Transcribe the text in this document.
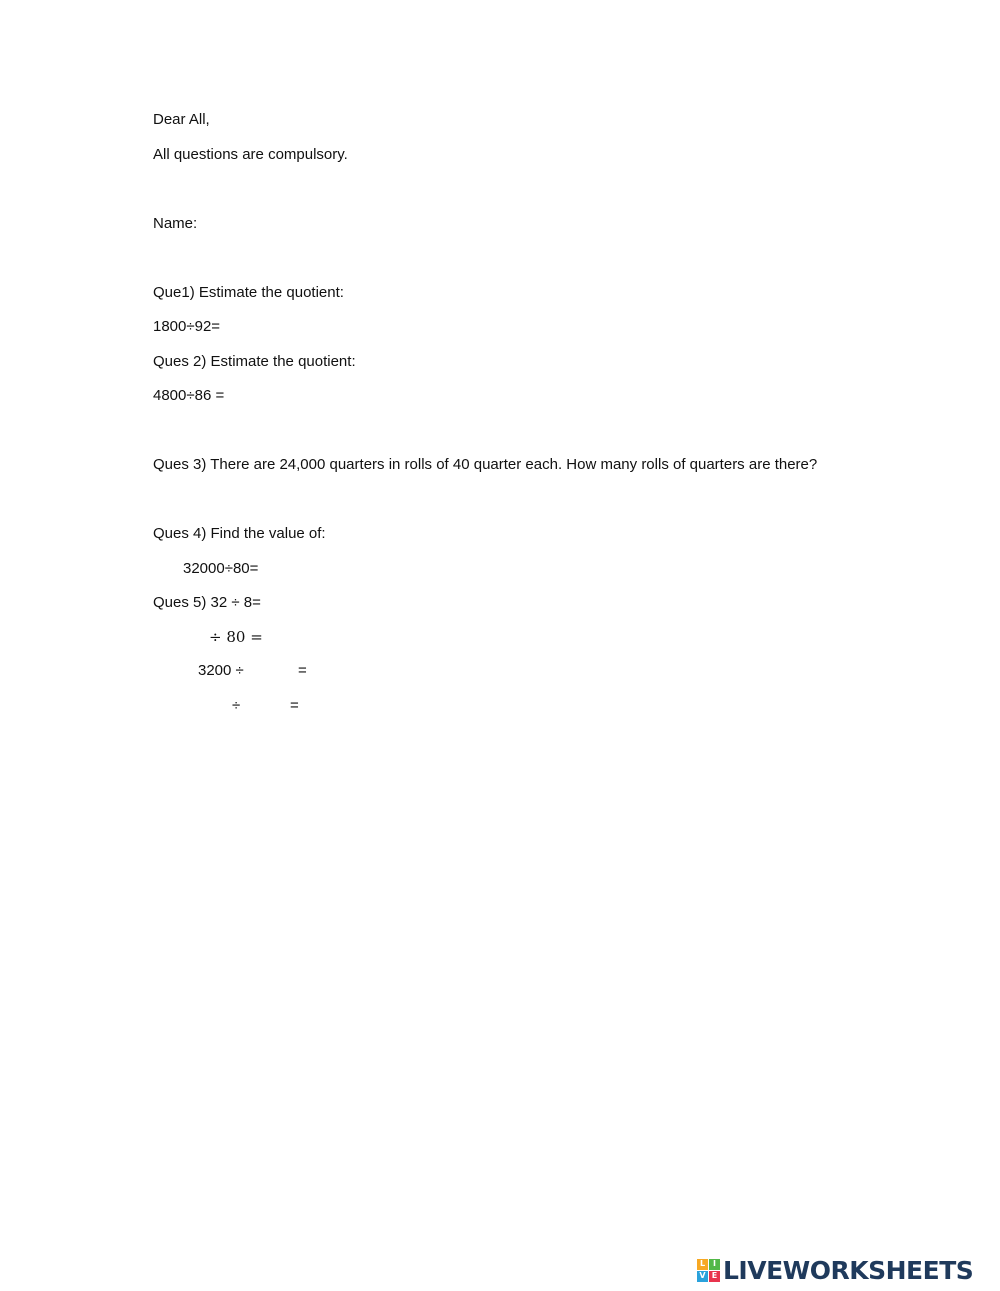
Dear All,
All questions are compulsory.
Name:
Que1) Estimate the quotient:
1800÷92=
Ques 2) Estimate the quotient:
4800÷86 =
Ques 3) There are 24,000 quarters in rolls of 40 quarter each. How many rolls of quarters are there?
Ques 4) Find the value of:
32000÷80=
Ques 5) 32 ÷ 8=
÷ 80 =
3200 ÷	=
÷	=
L I
V E LIVEWORKSHEETS
